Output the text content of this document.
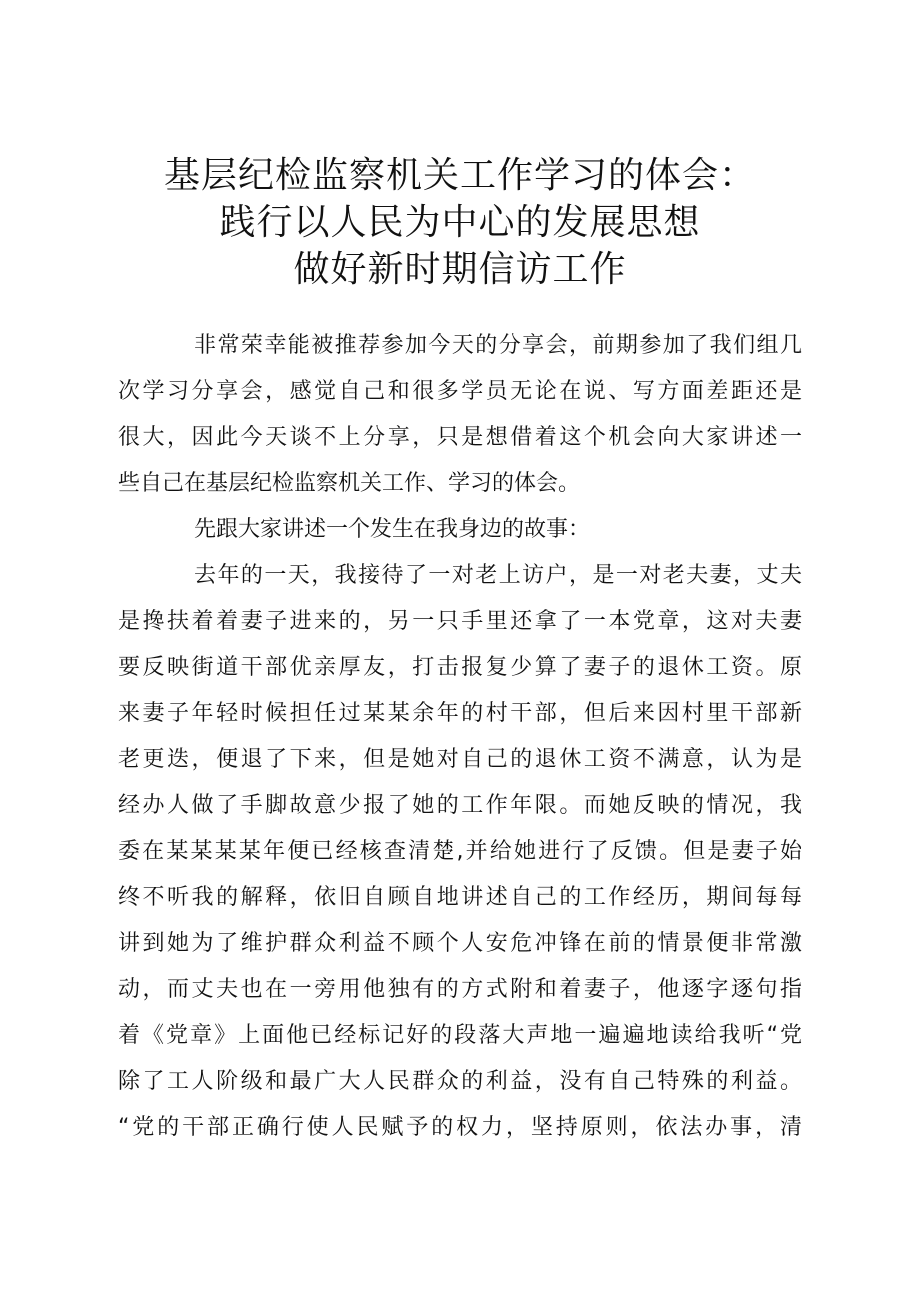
基层纪检监察机关工作学习的体会：
践行以人民为中心的发展思想
做好新时期信访工作
非常荣幸能被推荐参加今天的分享会，前期参加了我们组几
次学习分享会，感觉自己和很多学员无论在说、写方面差距还是
很大，因此今天谈不上分享，只是想借着这个机会向大家讲述一
些自己在基层纪检监察机关工作、学习的体会。
先跟大家讲述一个发生在我身边的故事：
去年的一天，我接待了一对老上访户，是一对老夫妻，丈夫
是搀扶着着妻子进来的，另一只手里还拿了一本党章，这对夫妻
要反映街道干部优亲厚友，打击报复少算了妻子的退休工资。原
来妻子年轻时候担任过某某余年的村干部，但后来因村里干部新
老更迭，便退了下来，但是她对自己的退休工资不满意，认为是
经办人做了手脚故意少报了她的工作年限。而她反映的情况，我
委在某某某某年便已经核查清楚,并给她进行了反馈。但是妻子始
终不听我的解释，依旧自顾自地讲述自己的工作经历，期间每每
讲到她为了维护群众利益不顾个人安危冲锋在前的情景便非常激
动，而丈夫也在一旁用他独有的方式附和着妻子，他逐字逐句指
着《党章》上面他已经标记好的段落大声地一遍遍地读给我听“党
除了工人阶级和最广大人民群众的利益，没有自己特殊的利益。
“党的干部正确行使人民赋予的权力，坚持原则，依法办事，清
